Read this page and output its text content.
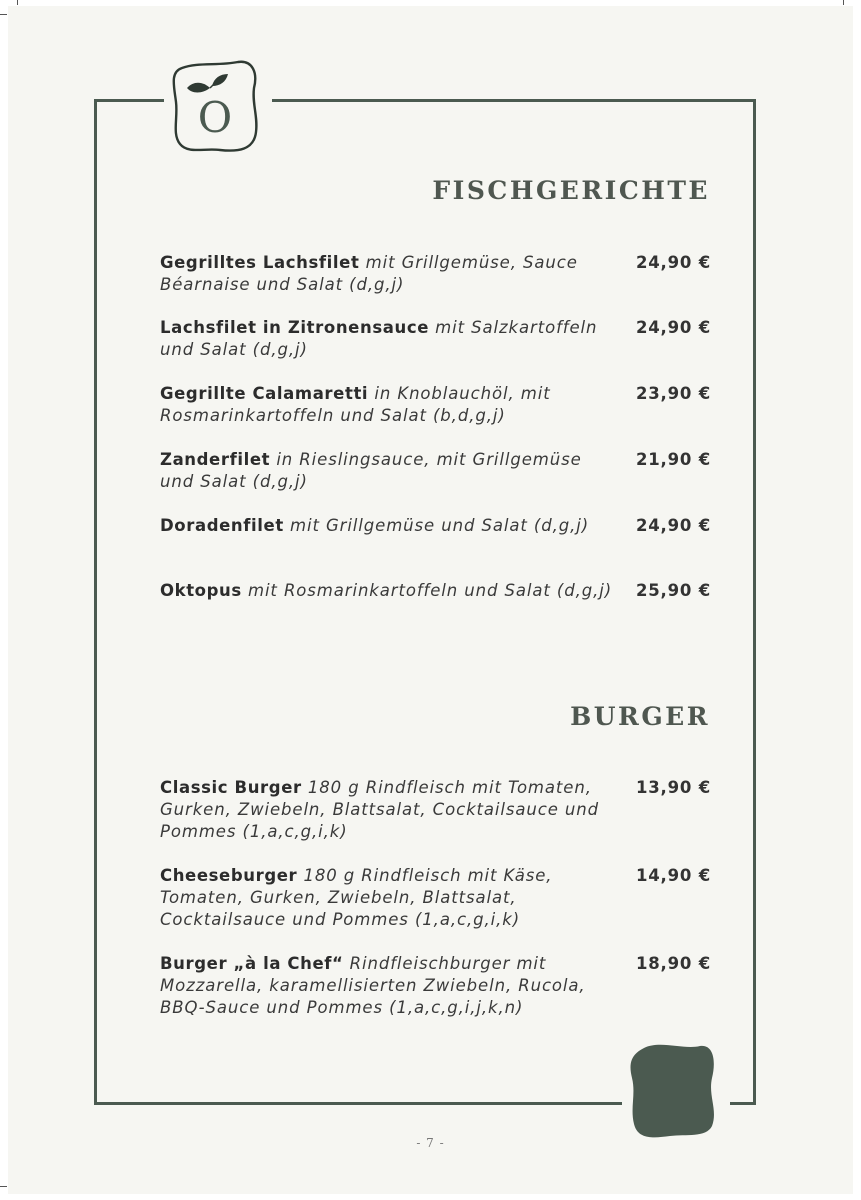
O
FISCHGERICHTE
Gegrilltes Lachsfilet mit Grillgemüse, Sauce Béarnaise und Salat (d,g,j)
24,90 €
Lachsfilet in Zitronensauce mit Salzkartoffeln und Salat (d,g,j)
24,90 €
Gegrillte Calamaretti in Knoblauchöl, mit Rosmarinkartoffeln und Salat (b,d,g,j)
23,90 €
Zanderfilet in Rieslingsauce, mit Grillgemüse und Salat (d,g,j)
21,90 €
Doradenfilet mit Grillgemüse und Salat (d,g,j)	24,90 €
Oktopus mit Rosmarinkartoffeln und Salat (d,g,j) 25,90 €
BURGER
Classic Burger 180 g Rindfleisch mit Tomaten, Gurken, Zwiebeln, Blattsalat, Cocktailsauce und Pommes (1,a,c,g,i,k)
13,90 €
Cheeseburger 180 g Rindfleisch mit Käse, Tomaten, Gurken, Zwiebeln, Blattsalat, Cocktailsauce und Pommes (1,a,c,g,i,k)
14,90 €
Burger „à la Chef“ Rindfleischburger mit Mozzarella, karamellisierten Zwiebeln, Rucola, BBQ-Sauce und Pommes (1,a,c,g,i,j,k,n)
18,90 €
- 7 -
